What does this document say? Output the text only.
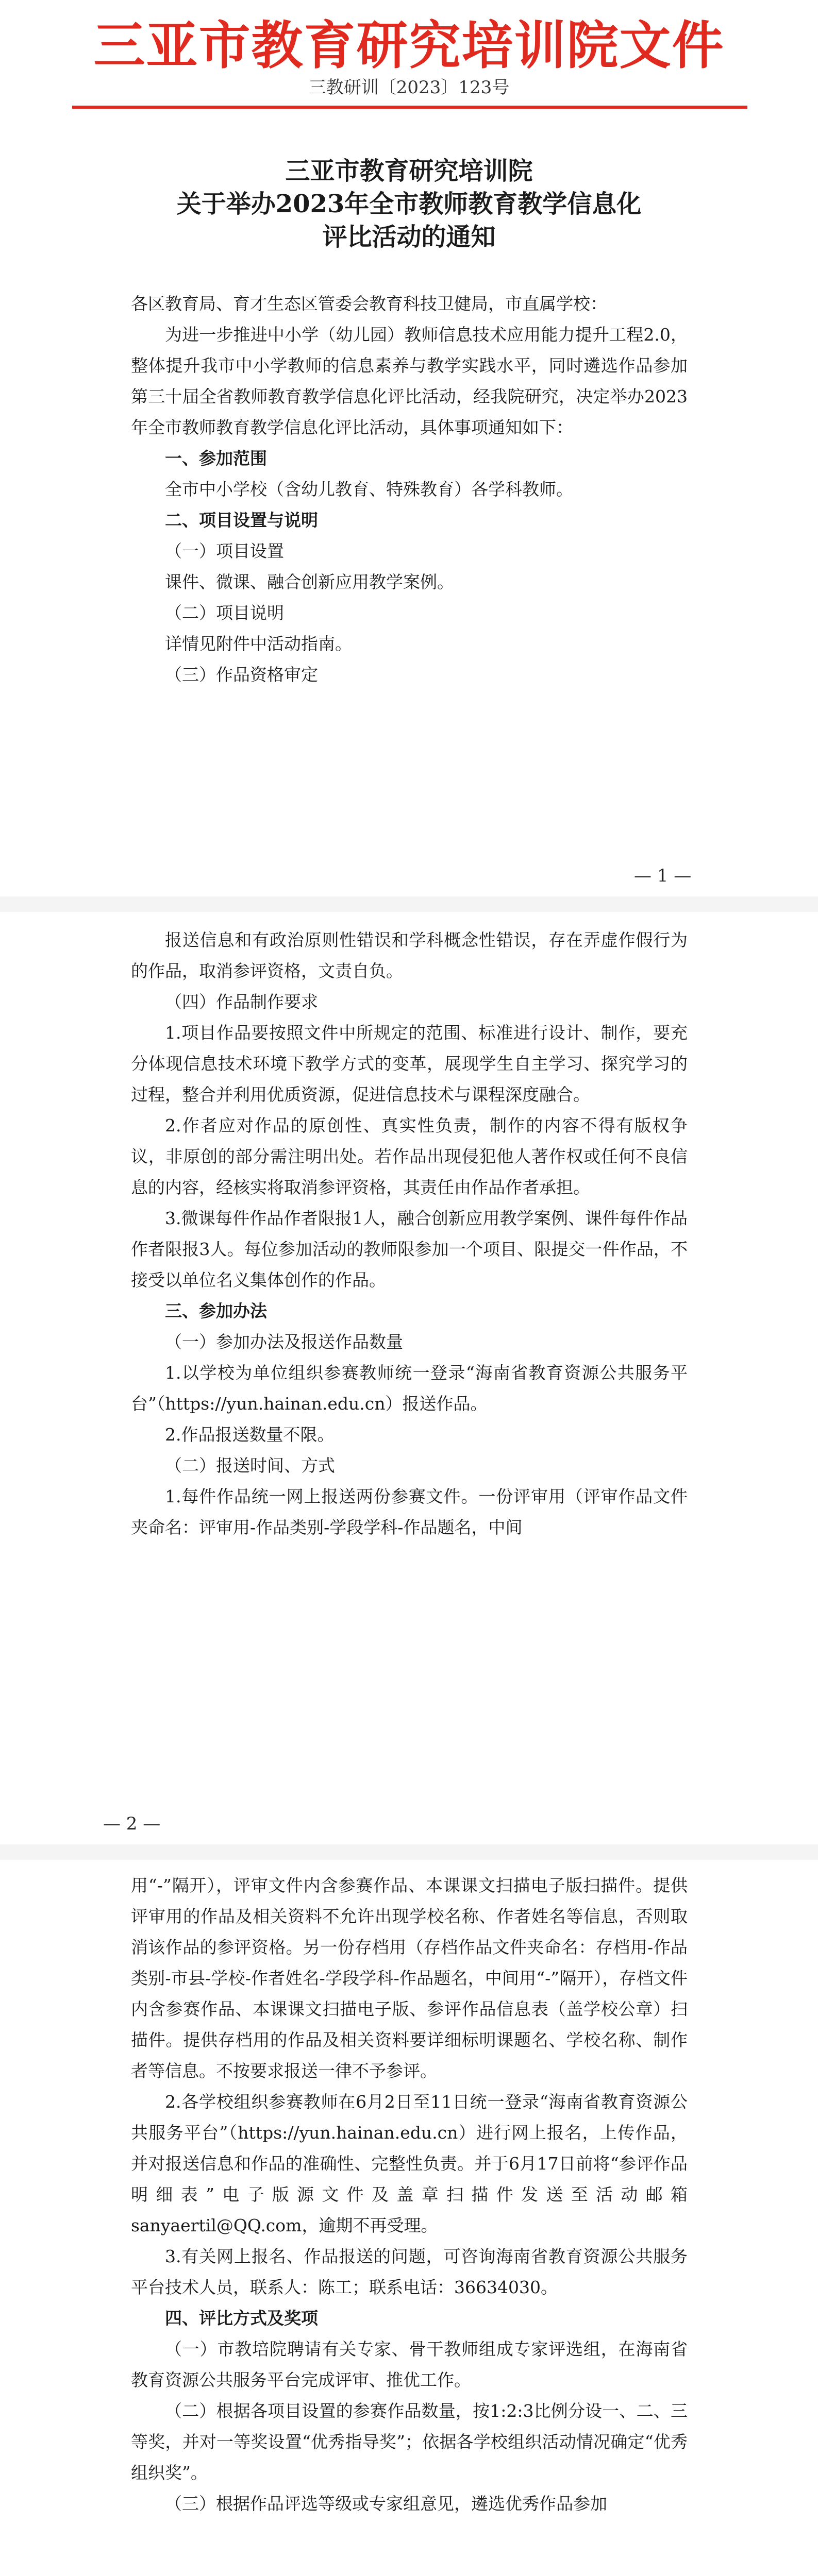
三亚市教育研究培训院文件
三教研训〔2023〕123号
三亚市教育研究培训院
关于举办2023年全市教师教育教学信息化
评比活动的通知
各区教育局、育才生态区管委会教育科技卫健局，市直属学校：
为进一步推进中小学（幼儿园）教师信息技术应用能力提升工程2.0，整体提升我市中小学教师的信息素养与教学实践水平，同时遴选作品参加第三十届全省教师教育教学信息化评比活动，经我院研究，决定举办2023年全市教师教育教学信息化评比活动，具体事项通知如下：
一、参加范围
全市中小学校（含幼儿教育、特殊教育）各学科教师。
二、项目设置与说明
（一）项目设置
课件、微课、融合创新应用教学案例。
（二）项目说明
详情见附件中活动指南。
（三）作品资格审定
— 1 —
报送信息和有政治原则性错误和学科概念性错误，存在弄虚作假行为的作品，取消参评资格，文责自负。
（四）作品制作要求
1.项目作品要按照文件中所规定的范围、标准进行设计、制作，要充分体现信息技术环境下教学方式的变革，展现学生自主学习、探究学习的过程，整合并利用优质资源，促进信息技术与课程深度融合。
2.作者应对作品的原创性、真实性负责，制作的内容不得有版权争议，非原创的部分需注明出处。若作品出现侵犯他人著作权或任何不良信息的内容，经核实将取消参评资格，其责任由作品作者承担。
3.微课每件作品作者限报1人，融合创新应用教学案例、课件每件作品作者限报3人。每位参加活动的教师限参加一个项目、限提交一件作品，不接受以单位名义集体创作的作品。
三、参加办法
（一）参加办法及报送作品数量
1.以学校为单位组织参赛教师统一登录“海南省教育资源公共服务平台”（https://yun.hainan.edu.cn）报送作品。
2.作品报送数量不限。
（二）报送时间、方式
1.每件作品统一网上报送两份参赛文件。一份评审用（评审作品文件夹命名：评审用-作品类别-学段学科-作品题名，中间
— 2 —
用“-”隔开），评审文件内含参赛作品、本课课文扫描电子版扫描件。提供评审用的作品及相关资料不允许出现学校名称、作者姓名等信息，否则取消该作品的参评资格。另一份存档用（存档作品文件夹命名：存档用-作品类别-市县-学校-作者姓名-学段学科-作品题名，中间用“-”隔开），存档文件内含参赛作品、本课课文扫描电子版、参评作品信息表（盖学校公章）扫描件。提供存档用的作品及相关资料要详细标明课题名、学校名称、制作者等信息。不按要求报送一律不予参评。
2.各学校组织参赛教师在6月2日至11日统一登录“海南省教育资源公共服务平台”（https://yun.hainan.edu.cn）进行网上报名，上传作品，并对报送信息和作品的准确性、完整性负责。并于6月17日前将“参评作品明细表”电子版源文件及盖章扫描件发送至活动邮箱sanyaertil@QQ.com，逾期不再受理。
3.有关网上报名、作品报送的问题，可咨询海南省教育资源公共服务平台技术人员，联系人：陈工；联系电话：36634030。
四、评比方式及奖项
（一）市教培院聘请有关专家、骨干教师组成专家评选组，在海南省教育资源公共服务平台完成评审、推优工作。
（二）根据各项目设置的参赛作品数量，按1:2:3比例分设一、二、三等奖，并对一等奖设置“优秀指导奖”；依据各学校组织活动情况确定“优秀组织奖”。
（三）根据作品评选等级或专家组意见，遴选优秀作品参加
